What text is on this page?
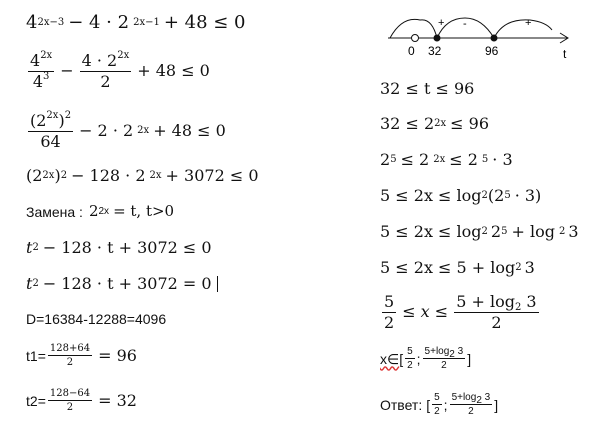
4 2x−3 − 4 · 2 2x−1 + 48 ≤ 0
$\frac{4^{2x}}{4^3} - \frac{4 \cdot 2^{2x}}{2} + 48 \le 0$
$\frac{(2^{2x})^2}{64} - 2 \cdot 2$ 2x + 48 ≤ 0
(2 2x ) 2 − 128 · 2 2x + 3072 ≤ 0
Замена : 2 2x = t, t>0
t 2 − 128 · t + 3072 ≤ 0
t 2 − 128 · t + 3072 = 0
D=16384-12288=4096
t $1 = \frac{128+64}{2} = 96$
t $2 = \frac{128-64}{2} = 32$
0 32	96	t
+ -	+
32 ≤ t ≤ 96
32 ≤ 2 2x ≤ 96
2 5 ≤ 2 2x ≤ 2 5 · 3
5 ≤ 2x ≤ log 2 (2 5 · 3)
5 ≤ 2x ≤ log 2 2 5 + log 2 3
5 ≤ 2x ≤ 5 + log 2 3
$\frac{5}{2} \le x \le \frac{5 + \log_2 3}{2}$
x∈ [ $\frac{5}{2}$ ; $\frac{5+\log_2 3}{2}$ ]
Ответ: [ $\frac{5}{2}$ ; $\frac{5+\log_2 3}{2}$ ]
